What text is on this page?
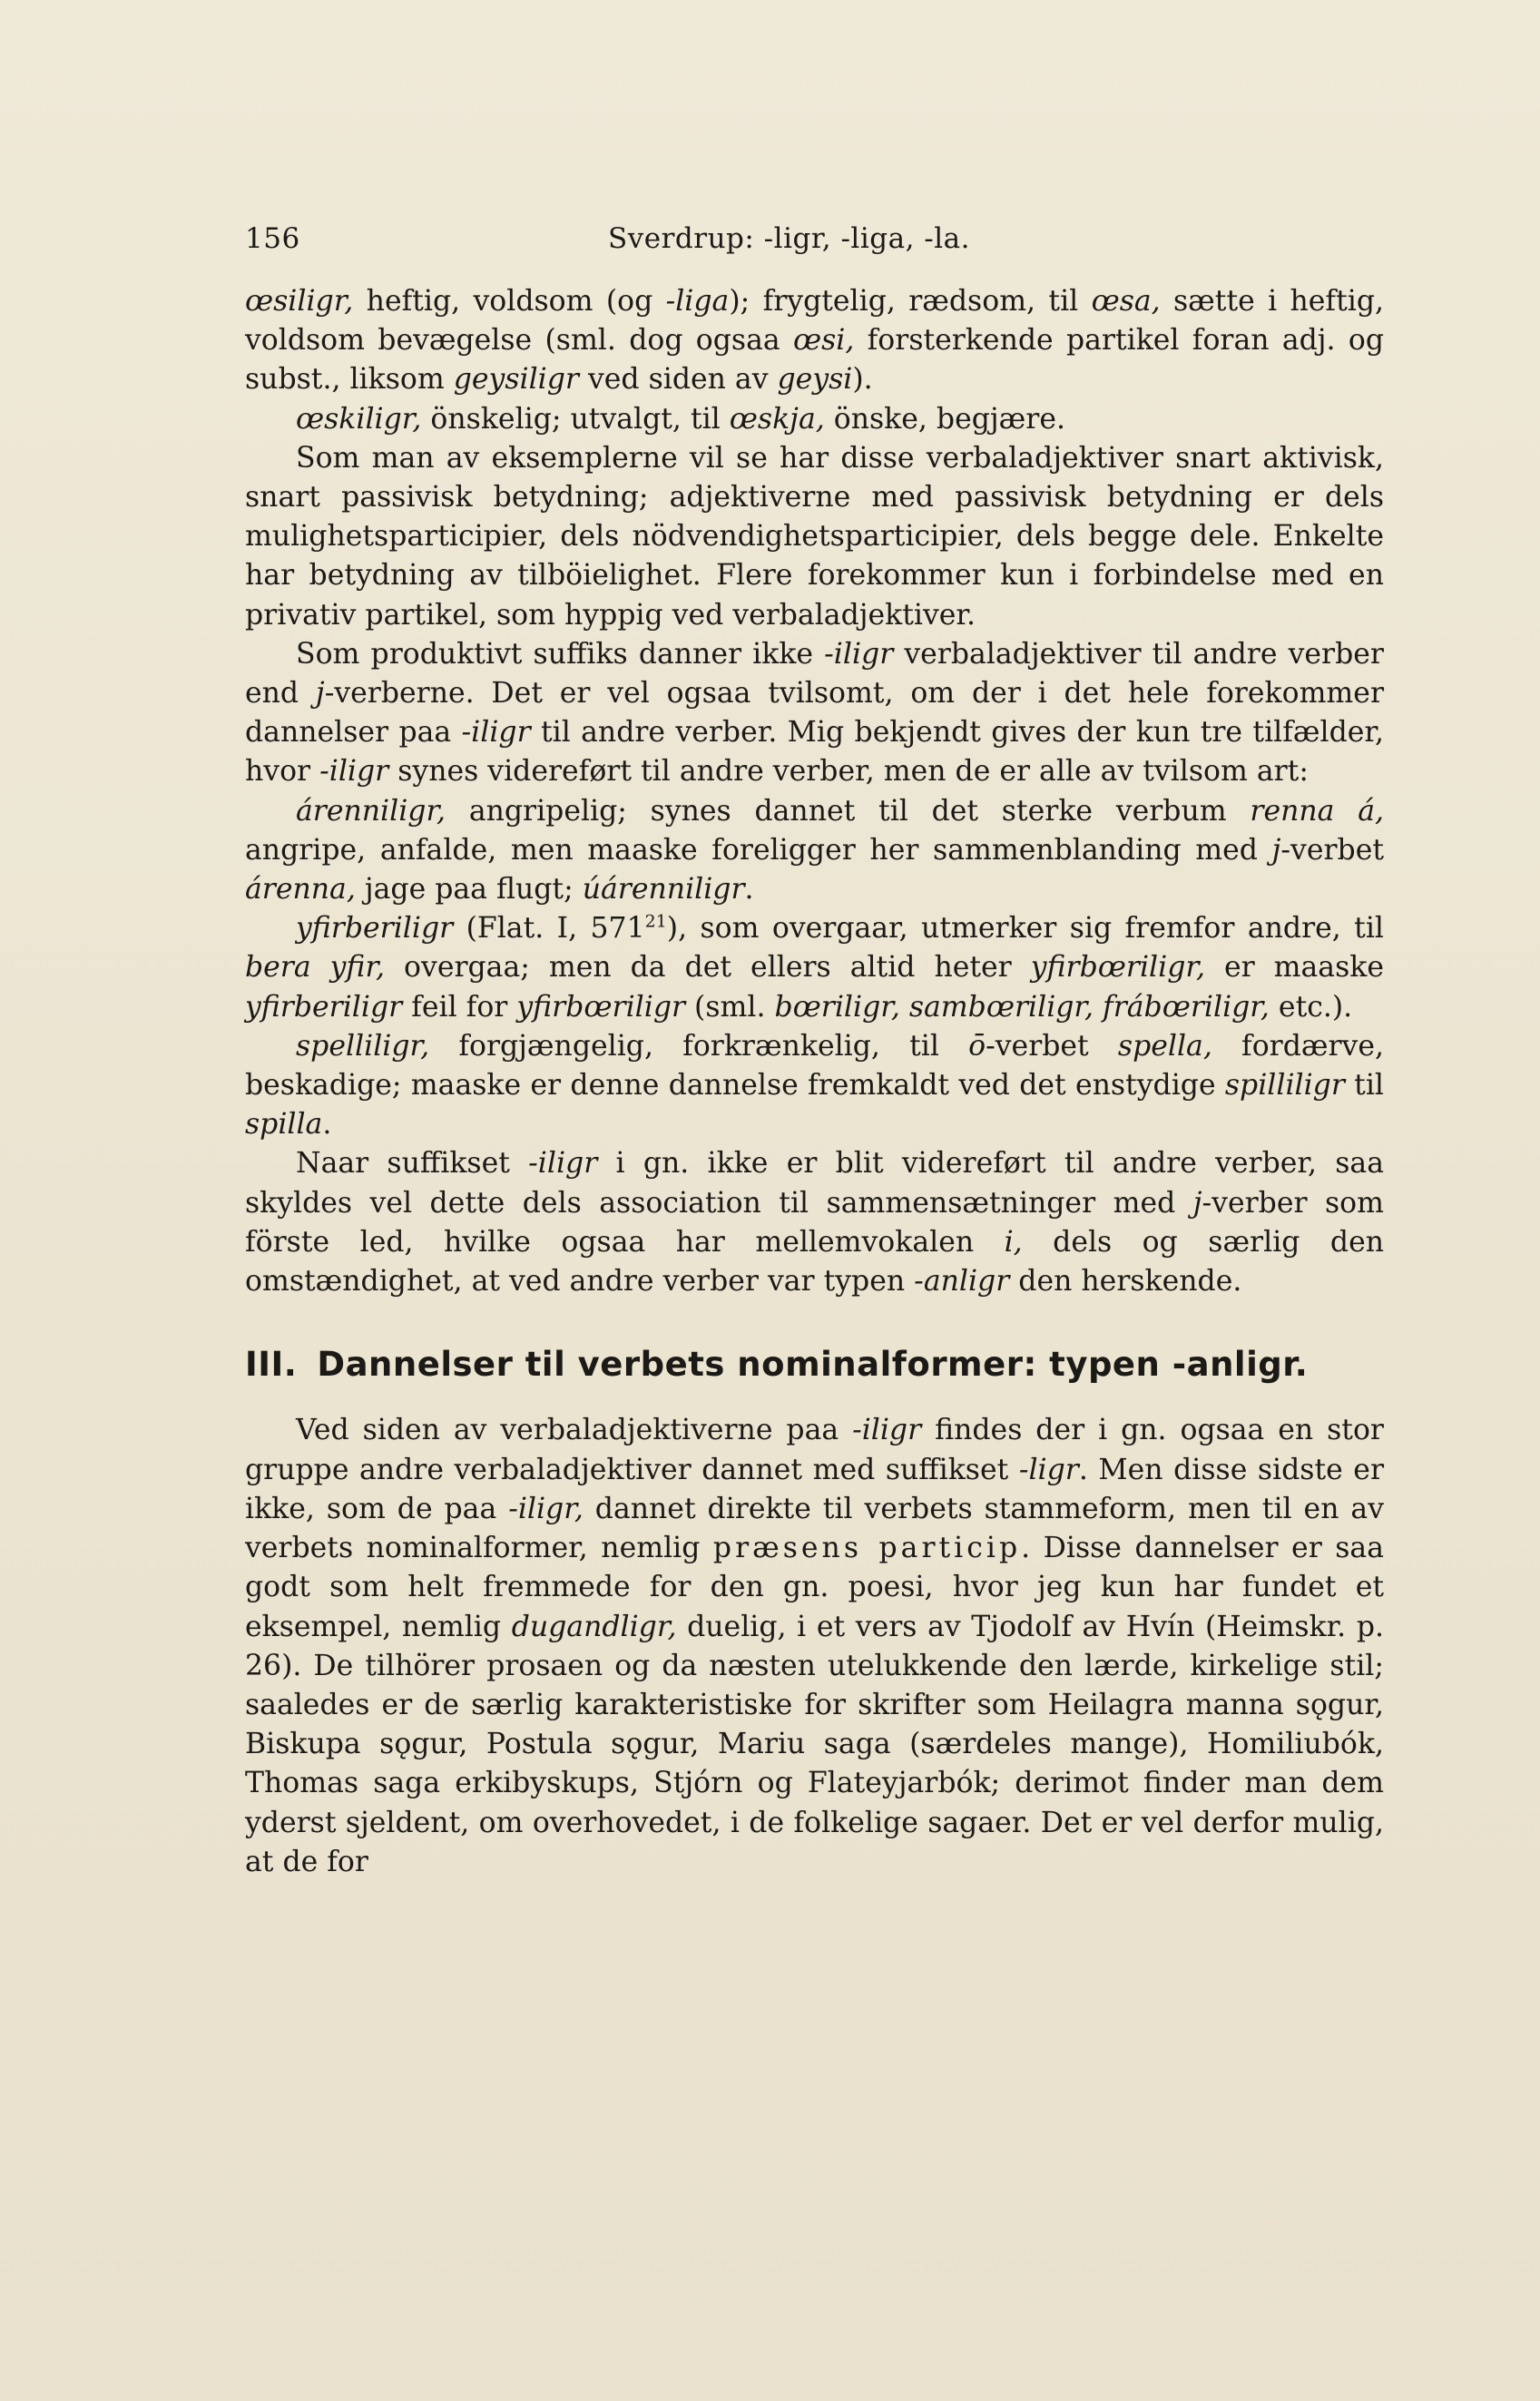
156	Sverdrup: -ligr, -liga, -la.

œsiligr, heftig, voldsom (og -liga); frygtelig, rædsom, til œsa, sætte i heftig, voldsom bevægelse (sml. dog ogsaa œsi, forsterkende partikel foran adj. og subst., liksom geysiligr ved siden av geysi).

œskiligr, önskelig; utvalgt, til œskja, önske, begjære.

Som man av eksemplerne vil se har disse verbaladjektiver snart aktivisk, snart passivisk betydning; adjektiverne med passivisk betydning er dels mulighetsparticipier, dels nödvendighetsparticipier, dels begge dele. Enkelte har betydning av tilböielighet. Flere forekommer kun i forbindelse med en privativ partikel, som hyppig ved verbaladjektiver.

Som produktivt suffiks danner ikke -iligr verbaladjektiver til andre verber end j-verberne. Det er vel ogsaa tvilsomt, om der i det hele forekommer dannelser paa -iligr til andre verber. Mig bekjendt gives der kun tre tilfælder, hvor -iligr synes videreført til andre verber, men de er alle av tvilsom art:

árenniligr, angripelig; synes dannet til det sterke verbum renna á, angripe, anfalde, men maaske foreligger her sammenblanding med j-verbet árenna, jage paa flugt; úárenniligr.

yfirberiligr (Flat. I, $571^{21}$), som overgaar, utmerker sig fremfor andre, til bera yfir, overgaa; men da det ellers altid heter yfirbœriligr, er maaske yfirberiligr feil for yfirbœriligr (sml. bœriligr, sambœriligr, frábœriligr, etc.).

spelliligr, forgjængelig, forkrænkelig, til ō-verbet spella, fordærve, beskadige; maaske er denne dannelse fremkaldt ved det enstydige spilliligr til spilla.

Naar suffikset -iligr i gn. ikke er blit videreført til andre verber, saa skyldes vel dette dels association til sammensætninger med j-verber som förste led, hvilke ogsaa har mellemvokalen i, dels og særlig den omstændighet, at ved andre verber var typen -anligr den herskende.

III. Dannelser til verbets nominalformer: typen -anligr.

Ved siden av verbaladjektiverne paa -iligr findes der i gn. ogsaa en stor gruppe andre verbaladjektiver dannet med suffikset -ligr. Men disse sidste er ikke, som de paa -iligr, dannet direkte til verbets stammeform, men til en av verbets nominalformer, nemlig præsens particip. Disse dannelser er saa godt som helt fremmede for den gn. poesi, hvor jeg kun har fundet et eksempel, nemlig dugandligr, duelig, i et vers av Tjodolf av Hvín (Heimskr. p. 26). De tilhörer prosaen og da næsten utelukkende den lærde, kirkelige stil; saaledes er de særlig karakteristiske for skrifter som Heilagra manna sǫgur, Biskupa sǫgur, Postula sǫgur, Mariu saga (særdeles mange), Homiliubók, Thomas saga erkibyskups, Stjórn og Flateyjarbók; derimot finder man dem yderst sjeldent, om overhovedet, i de folkelige sagaer. Det er vel derfor mulig, at de for
